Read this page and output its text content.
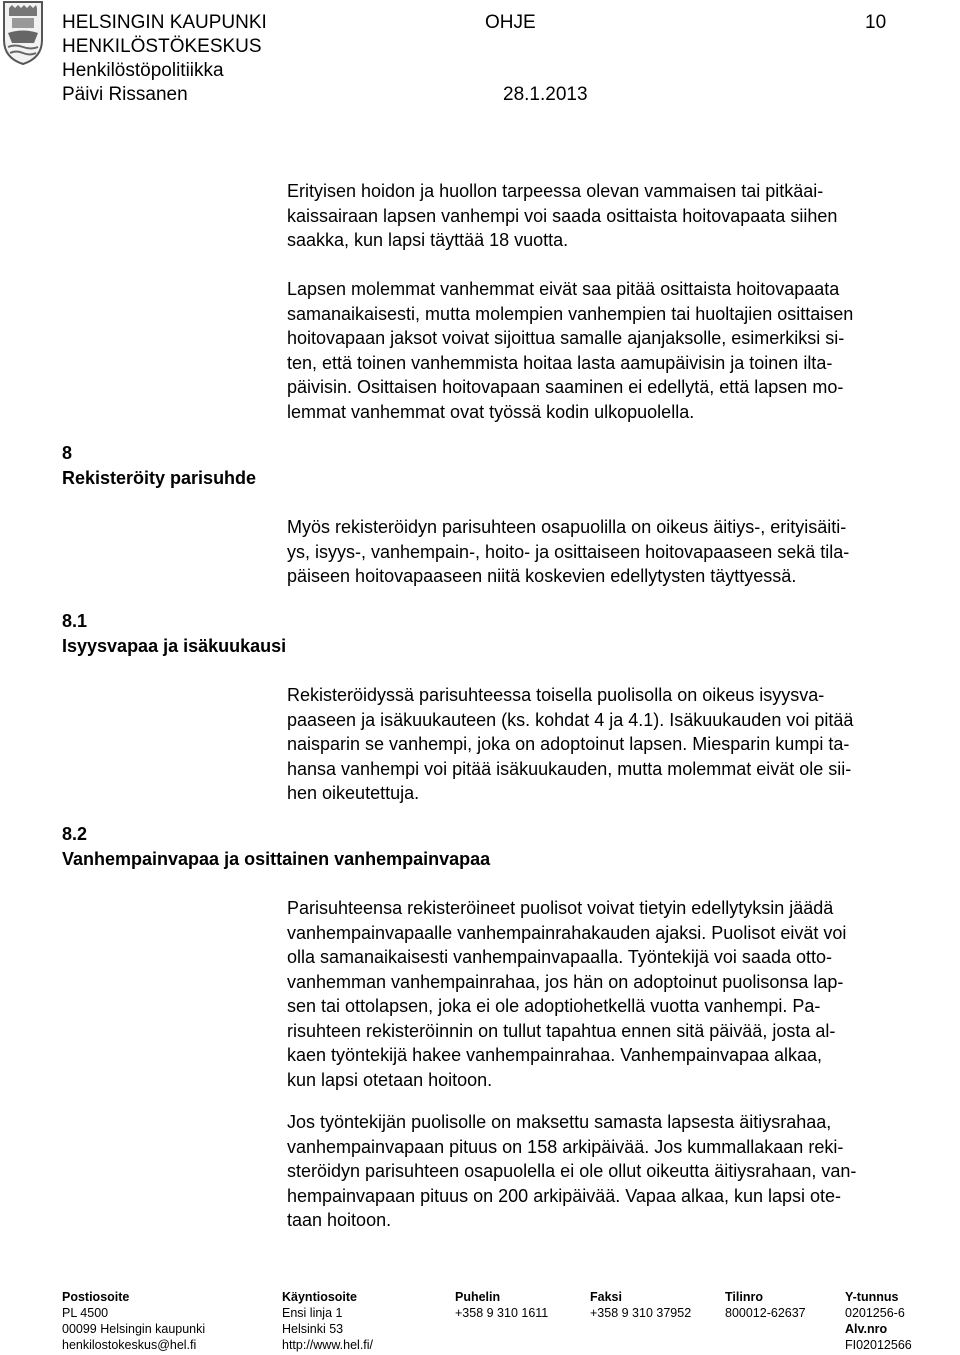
HELSINGIN KAUPUNKI
HENKILÖSTÖKESKUS
Henkilöstöpolitiikka
Päivi Rissanen
OHJE	10
28.1.2013
8
Rekisteröity parisuhde
8.1
Isyysvapaa ja isäkuukausi
8.2
Vanhempainvapaa ja osittainen vanhempainvapaa
Erityisen hoidon ja huollon tarpeessa olevan vammaisen tai pitkäai-
kaissairaan lapsen vanhempi voi saada osittaista hoitovapaata siihen
saakka, kun lapsi täyttää 18 vuotta.
Lapsen molemmat vanhemmat eivät saa pitää osittaista hoitovapaata
samanaikaisesti, mutta molempien vanhempien tai huoltajien osittaisen
hoitovapaan jaksot voivat sijoittua samalle ajanjaksolle, esimerkiksi si-
ten, että toinen vanhemmista hoitaa lasta aamupäivisin ja toinen ilta-
päivisin. Osittaisen hoitovapaan saaminen ei edellytä, että lapsen mo-
lemmat vanhemmat ovat työssä kodin ulkopuolella.
Myös rekisteröidyn parisuhteen osapuolilla on oikeus äitiys-, erityisäiti-
ys, isyys-, vanhempain-, hoito- ja osittaiseen hoitovapaaseen sekä tila-
päiseen hoitovapaaseen niitä koskevien edellytysten täyttyessä.
Rekisteröidyssä parisuhteessa toisella puolisolla on oikeus isyysva-
paaseen ja isäkuukauteen (ks. kohdat 4 ja 4.1). Isäkuukauden voi pitää
naisparin se vanhempi, joka on adoptoinut lapsen. Miesparin kumpi ta-
hansa vanhempi voi pitää isäkuukauden, mutta molemmat eivät ole sii-
hen oikeutettuja.
Parisuhteensa rekisteröineet puolisot voivat tietyin edellytyksin jäädä
vanhempainvapaalle vanhempainrahakauden ajaksi. Puolisot eivät voi
olla samanaikaisesti vanhempainvapaalla. Työntekijä voi saada otto-
vanhemman vanhempainrahaa, jos hän on adoptoinut puolisonsa lap-
sen tai ottolapsen, joka ei ole adoptiohetkellä vuotta vanhempi. Pa-
risuhteen rekisteröinnin on tullut tapahtua ennen sitä päivää, josta al-
kaen työntekijä hakee vanhempainrahaa. Vanhempainvapaa alkaa,
kun lapsi otetaan hoitoon.
Jos työntekijän puolisolle on maksettu samasta lapsesta äitiysrahaa,
vanhempainvapaan pituus on 158 arkipäivää. Jos kummallakaan reki-
steröidyn parisuhteen osapuolella ei ole ollut oikeutta äitiysrahaan, van-
hempainvapaan pituus on 200 arkipäivää. Vapaa alkaa, kun lapsi ote-
taan hoitoon.
Postiosoite
PL 4500
00099 Helsingin kaupunki
henkilostokeskus@hel.fi
Käyntiosoite
Ensi linja 1
Helsinki 53
http://www.hel.fi/
Puhelin
+358 9 310 1611
Faksi
+358 9 310 37952
Tilinro
800012-62637
Y-tunnus
0201256-6
Alv.nro
FI02012566
